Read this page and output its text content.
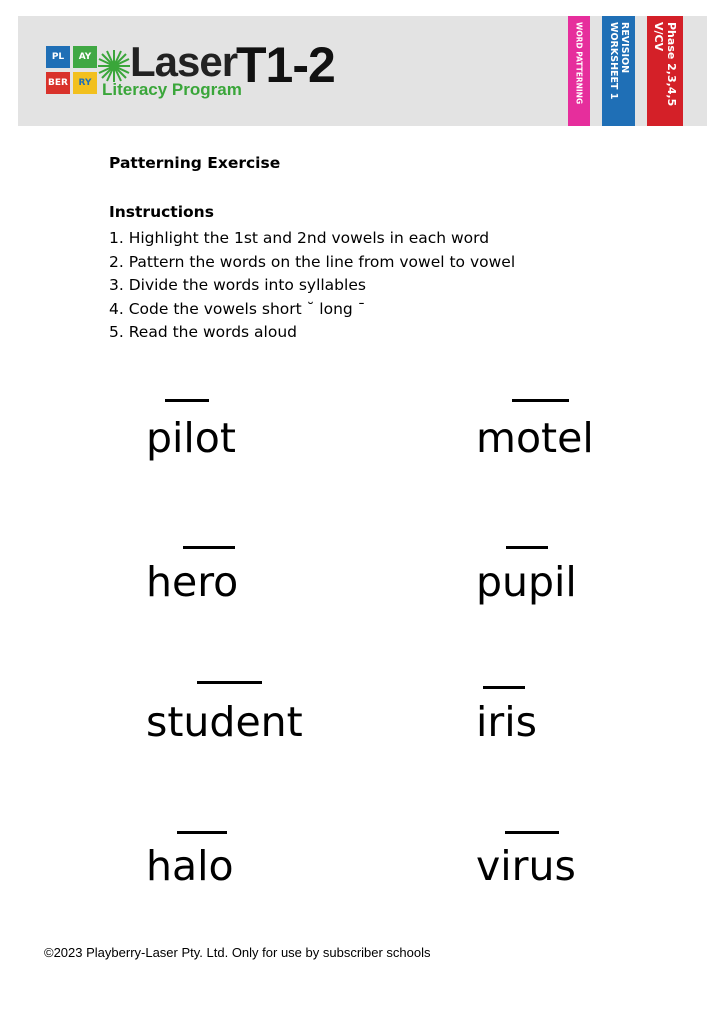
PL	AY
BER	RY Laser
T1-2
Literacy Program	WORD PATTERNING	REVISION
WORKSHEET 1	Phase 2,3,4,5
V/CV
Patterning Exercise
Instructions
1. Highlight the 1st and 2nd vowels in each word
2. Pattern the words on the line from vowel to vowel
3. Divide the words into syllables
4. Code the vowels short ˘ long ¯
5. Read the words aloud
pilot	motel
hero	pupil
student	iris
halo	virus
©2023 Playberry-Laser Pty. Ltd. Only for use by subscriber schools
